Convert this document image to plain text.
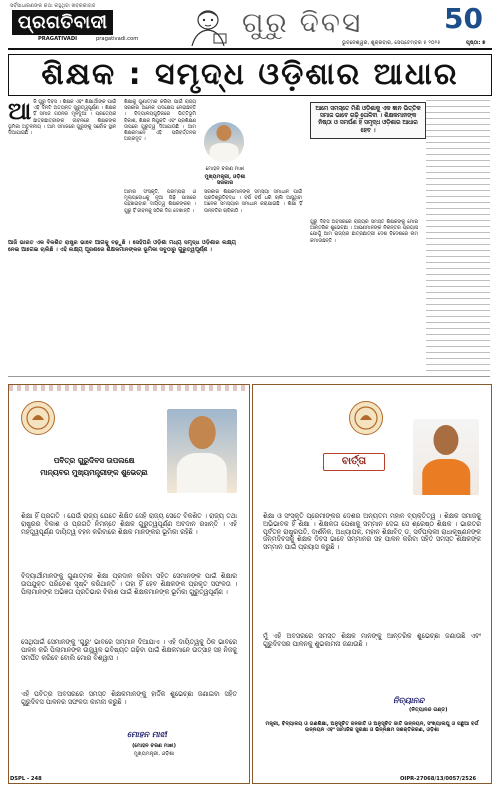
ସର୍ବସାଧାରଣଙ୍କ କଥା କହୁଥିବା ଖବରକାଗଜ
ପ୍ରଗତିବାଦୀ
PRAGATIVADI	pragativadi.com	ଗୁରୁ ଦିବସ	50
ଭୁବନେଶ୍ୱର, ଶୁକ୍ରବାର, ସେପ୍ଟେମ୍ବର ୫ ୨୦୨୫	ପୃଷ୍ଠା: ୭
ଶିକ୍ଷକ : ସମୃଦ୍ଧ ଓଡ଼ିଶାର ଆଧାର
ଆ ଜି ଗୁରୁ ଦିବସ । ଶିକ୍ଷକ ଏବଂ ଶିକ୍ଷାର୍ଥୀଙ୍କ ପାଇଁ ଏହି ଦିନଟି ଅତ୍ୟନ୍ତ ଗୁରୁତ୍ୱପୂର୍ଣ୍ଣ । ଶିକ୍ଷକ ହିଁ ସମାଜ ଗଠନର ମୂଳଦୁଆ । ପ୍ରତ୍ୟେକ ଛାତ୍ରଛାତ୍ରୀଙ୍କ ଜୀବନରେ ଶିକ୍ଷକଙ୍କ ଭୂମିକା ଅତୁଳନୀୟ । ଆମ ସମାଜରେ ଗୁରୁଙ୍କୁ ସର୍ବୋଚ୍ଚ ସ୍ଥାନ ଦିଆଯାଇଛି ।
ଆଜି ଭାରତ ଏକ ବିକଶିତ ରାଷ୍ଟ୍ର ଭାବେ ଆଗକୁ ବଢ଼ୁଛି । ସେହିପରି ଓଡ଼ିଶା ମଧ୍ୟ ସମୃଦ୍ଧ ଓଡ଼ିଶାର ଲକ୍ଷ୍ୟ ନେଇ ଆଗେଇ ଚାଲିଛି । ଏହି ଲକ୍ଷ୍ୟ ପୂରଣରେ ଶିକ୍ଷକମାନଙ୍କର ଭୂମିକା ସବୁଠାରୁ ଗୁରୁତ୍ୱପୂର୍ଣ୍ଣ ।
ଶିକ୍ଷାକୁ ଗୁଣାତ୍ମକ କରିବା ପାଇଁ ରାଜ୍ୟ ସରକାର ଅନେକ ପଦକ୍ଷେପ ନେଇଛନ୍ତି । ବିଦ୍ୟାଳୟଗୁଡ଼ିକରେ ଭିତ୍ତିଭୂମି ବିକାଶ, ଶିକ୍ଷକ ନିଯୁକ୍ତି ଏବଂ ପ୍ରଶିକ୍ଷଣ ଉପରେ ଗୁରୁତ୍ୱ ଦିଆଯାଉଛି । ଆମ ଶିକ୍ଷକମାନେ ଏହି ପରିବର୍ତ୍ତନର ଅଗ୍ରଦୂତ ।
ମୋହନ ଚରଣ ମାଝୀ
ମୁଖ୍ୟମନ୍ତ୍ରୀ, ଓଡ଼ିଶା ସରକାର
ଆମର ସଂସ୍କୃତି, ପରମ୍ପରା ଓ ମୂଲ୍ୟବୋଧକୁ ନୂଆ ପିଢ଼ି ପାଖରେ ପହଞ୍ଚାଇବାର ଦାୟିତ୍ୱ ଶିକ୍ଷକଙ୍କର । ଗୁରୁ ହିଁ ଜୀବନକୁ ସଠିକ ଦିଗ ଦେଖାନ୍ତି ।
ସରକାର ଶିକ୍ଷକମାନଙ୍କ ସମସ୍ୟା ସମାଧାନ ପାଇଁ ପ୍ରତିଶ୍ରୁତିବଦ୍ଧ । ବର୍ଷ ବର୍ଷ ଧରି ଚାଲି ଆସୁଥିବା ଅନେକ ସମସ୍ୟାର ସମାଧାନ କରାଯାଇଛି । ଶିକ୍ଷା ହିଁ ଉନ୍ନତିର ଚାବିକାଠି ।
ଆମେ ସମସ୍ତେ ମିଶି ଓଡ଼ିଶାକୁ ଏକ ଜ୍ଞାନ ଭିତ୍ତିକ ସମାଜ ଭାବେ ଗଢ଼ି ତୋଳିବା । ଶିକ୍ଷକମାନଙ୍କ ନିଷ୍ଠା ଓ ସମର୍ପଣ ହିଁ ସମୃଦ୍ଧ ଓଡ଼ିଶାର ଆଧାର ହେବ ।
ଗୁରୁ ଦିବସ ଅବସରରେ ରାଜ୍ୟର ସମସ୍ତ ଶିକ୍ଷକଙ୍କୁ ମୋର ଆନ୍ତରିକ ଶୁଭେଚ୍ଛା । ଆପଣମାନଙ୍କ ନିରନ୍ତର ପ୍ରୟାସ ଯୋଗୁଁ ଆମ ରାଜ୍ୟର ଛାତ୍ରଛାତ୍ରୀ ଦେଶ ବିଦେଶରେ ନାମ କମାଉଛନ୍ତି ।
ପବିତ୍ର ଗୁରୁଦିବସ ଉପଲକ୍ଷେ
ମାନ୍ୟବର ମୁଖ୍ୟମନ୍ତ୍ରୀଙ୍କ ଶୁଭେଚ୍ଛା
ଶିକ୍ଷା ହିଁ ପ୍ରଗତି । ଯେଉଁ ରାଜ୍ୟ ଯେତେ ଶିକ୍ଷିତ ସେହି ରାଜ୍ୟ ସେତେ ବିକଶିତ । ରାଜ୍ୟ ତଥା ରାଷ୍ଟ୍ରର ବିକାଶ ଓ ପ୍ରଗତି ନିମନ୍ତେ ଶିକ୍ଷକ ଗୁରୁତ୍ୱପୂର୍ଣ୍ଣ ଅବଦାନ ରଖନ୍ତି । ଏହି ମହତ୍ତ୍ୱପୂର୍ଣ୍ଣ ଦାୟିତ୍ୱ ବହନ କରିବାରେ ଶିକ୍ଷକ ମାନଙ୍କର ଭୂମିକା ରହିଛି ।
ବିଦ୍ୟାର୍ଥୀମାନଙ୍କୁ ଗୁଣାତ୍ମକ ଶିକ୍ଷା ପ୍ରଦାନ କରିବା ସହିତ ସେମାନଙ୍କ ପାଇଁ ଶିକ୍ଷାର ଉପଯୁକ୍ତ ପରିବେଶ ସୃଷ୍ଟି କରିଥାନ୍ତି । ତାହା ହିଁ ହେବ ଶିକ୍ଷକଙ୍କ ପ୍ରକୃତ ସଫଳତା । ପିଲାମାନଙ୍କ ଅଭିଜ୍ଞତା ପ୍ରତିଭାର ବିକାଶ ପାଇଁ ଶିକ୍ଷକମାନଙ୍କ ଭୂମିକା ଗୁରୁତ୍ୱପୂର୍ଣ୍ଣ ।
ସେଥିପାଇଁ ସେମାନଙ୍କୁ 'ଗୁରୁ' ଭାବରେ ସମ୍ମାନ ଦିଆଯାଏ । ଏହି ଦାୟିତ୍ୱକୁ ଠିକ ଭାବରେ ପାଳନ କରି ପିଲାମାନଙ୍କ ଉଜ୍ଜ୍ୱଳ ଭବିଷ୍ୟତ ଗଢ଼ିବା ପାଇଁ ଶିକ୍ଷକମାନେ ଉତ୍ସାହ ସହ ନିଜକୁ ସମର୍ପିତ କରିବେ ବୋଲି ମୋର ବିଶ୍ୱାସ ।
ଏହି ପବିତ୍ର ଅବସରରେ ସମସ୍ତ ଶିକ୍ଷକମାନଙ୍କୁ ହାର୍ଦ୍ଦିକ ଶୁଭେଚ୍ଛା ଜଣାଇବା ସହିତ ଗୁରୁଦିବସ ପାଳନର ସଫଳତା କାମନା କରୁଛି ।
ମୋହନ ମାଝୀ
(ମୋହନ ଚରଣ ମାଝୀ)
ମୁଖ୍ୟମନ୍ତ୍ରୀ, ଓଡ଼ିଶା
ବାର୍ତ୍ତା
ଶିକ୍ଷା ଓ ସଂସ୍କୃତି ପ୍ରେମୀଙ୍କର ଦେଶର ଅନ୍ୟତମ ମହାନ ବ୍ୟକ୍ତିତ୍ୱ । ଶିକ୍ଷକ ସମାଜକୁ ଅଭିଭାବକ ହିଁ ଶିକ୍ଷା । ଶିକ୍ଷକତା ପେଶାକୁ ସମ୍ମାନ ଦେଇ ସେ ଶ୍ରେଷ୍ଠ ଶିକ୍ଷକ । ଭାରତର ପୂର୍ବତନ ରାଷ୍ଟ୍ରପତି, ଦାର୍ଶନିକ, ଅଧ୍ୟାପକ, ମହାନ ଶିକ୍ଷାବିତ୍ ଡ. ସର୍ବପଲ୍ଲୀ ରାଧାକୃଷ୍ଣନଙ୍କ ଜନ୍ମଦିବସକୁ ଶିକ୍ଷକ ଦିବସ ଭାବେ ସମ୍ମାନର ସହ ପାଳନ କରିବା ସହିତ ସମସ୍ତ ଶିକ୍ଷକଙ୍କ ସମ୍ମାନ ପାଇଁ ପ୍ରୟାସ କରୁଛି ।
ମୁଁ ଏହି ଅବସରରେ ସମସ୍ତ ଶିକ୍ଷକ ମାନଙ୍କୁ ଆନ୍ତରିକ ଶୁଭେଚ୍ଛା ଜଣାଉଛି ଏବଂ ଗୁରୁଦିବସର ପାଳନକୁ ଶୁଭକାମନା ଜଣାଉଛି ।
ନିତ୍ୟାନନ୍ଦ
(ନିତ୍ୟାନନ୍ଦ ଗଣ୍ଡ)
ମନ୍ତ୍ରୀ, ବିଦ୍ୟାଳୟ ଓ ଗଣଶିକ୍ଷା, ଅନୁସୂଚିତ ଜନଜାତି ଓ ଅନୁସୂଚିତ ଜାତି ଉନ୍ନୟନ, ସଂଖ୍ୟାଲଘୁ ଓ ପଛୁଆ ବର୍ଗ ଉନ୍ନୟନ ଏବଂ ସାମାଜିକ ସୁରକ୍ଷା ଓ ଭିନ୍ନକ୍ଷମ ସଶକ୍ତିକରଣ, ଓଡ଼ିଶା
DSPL - 248	OIPR-27068/13/0057/2526
